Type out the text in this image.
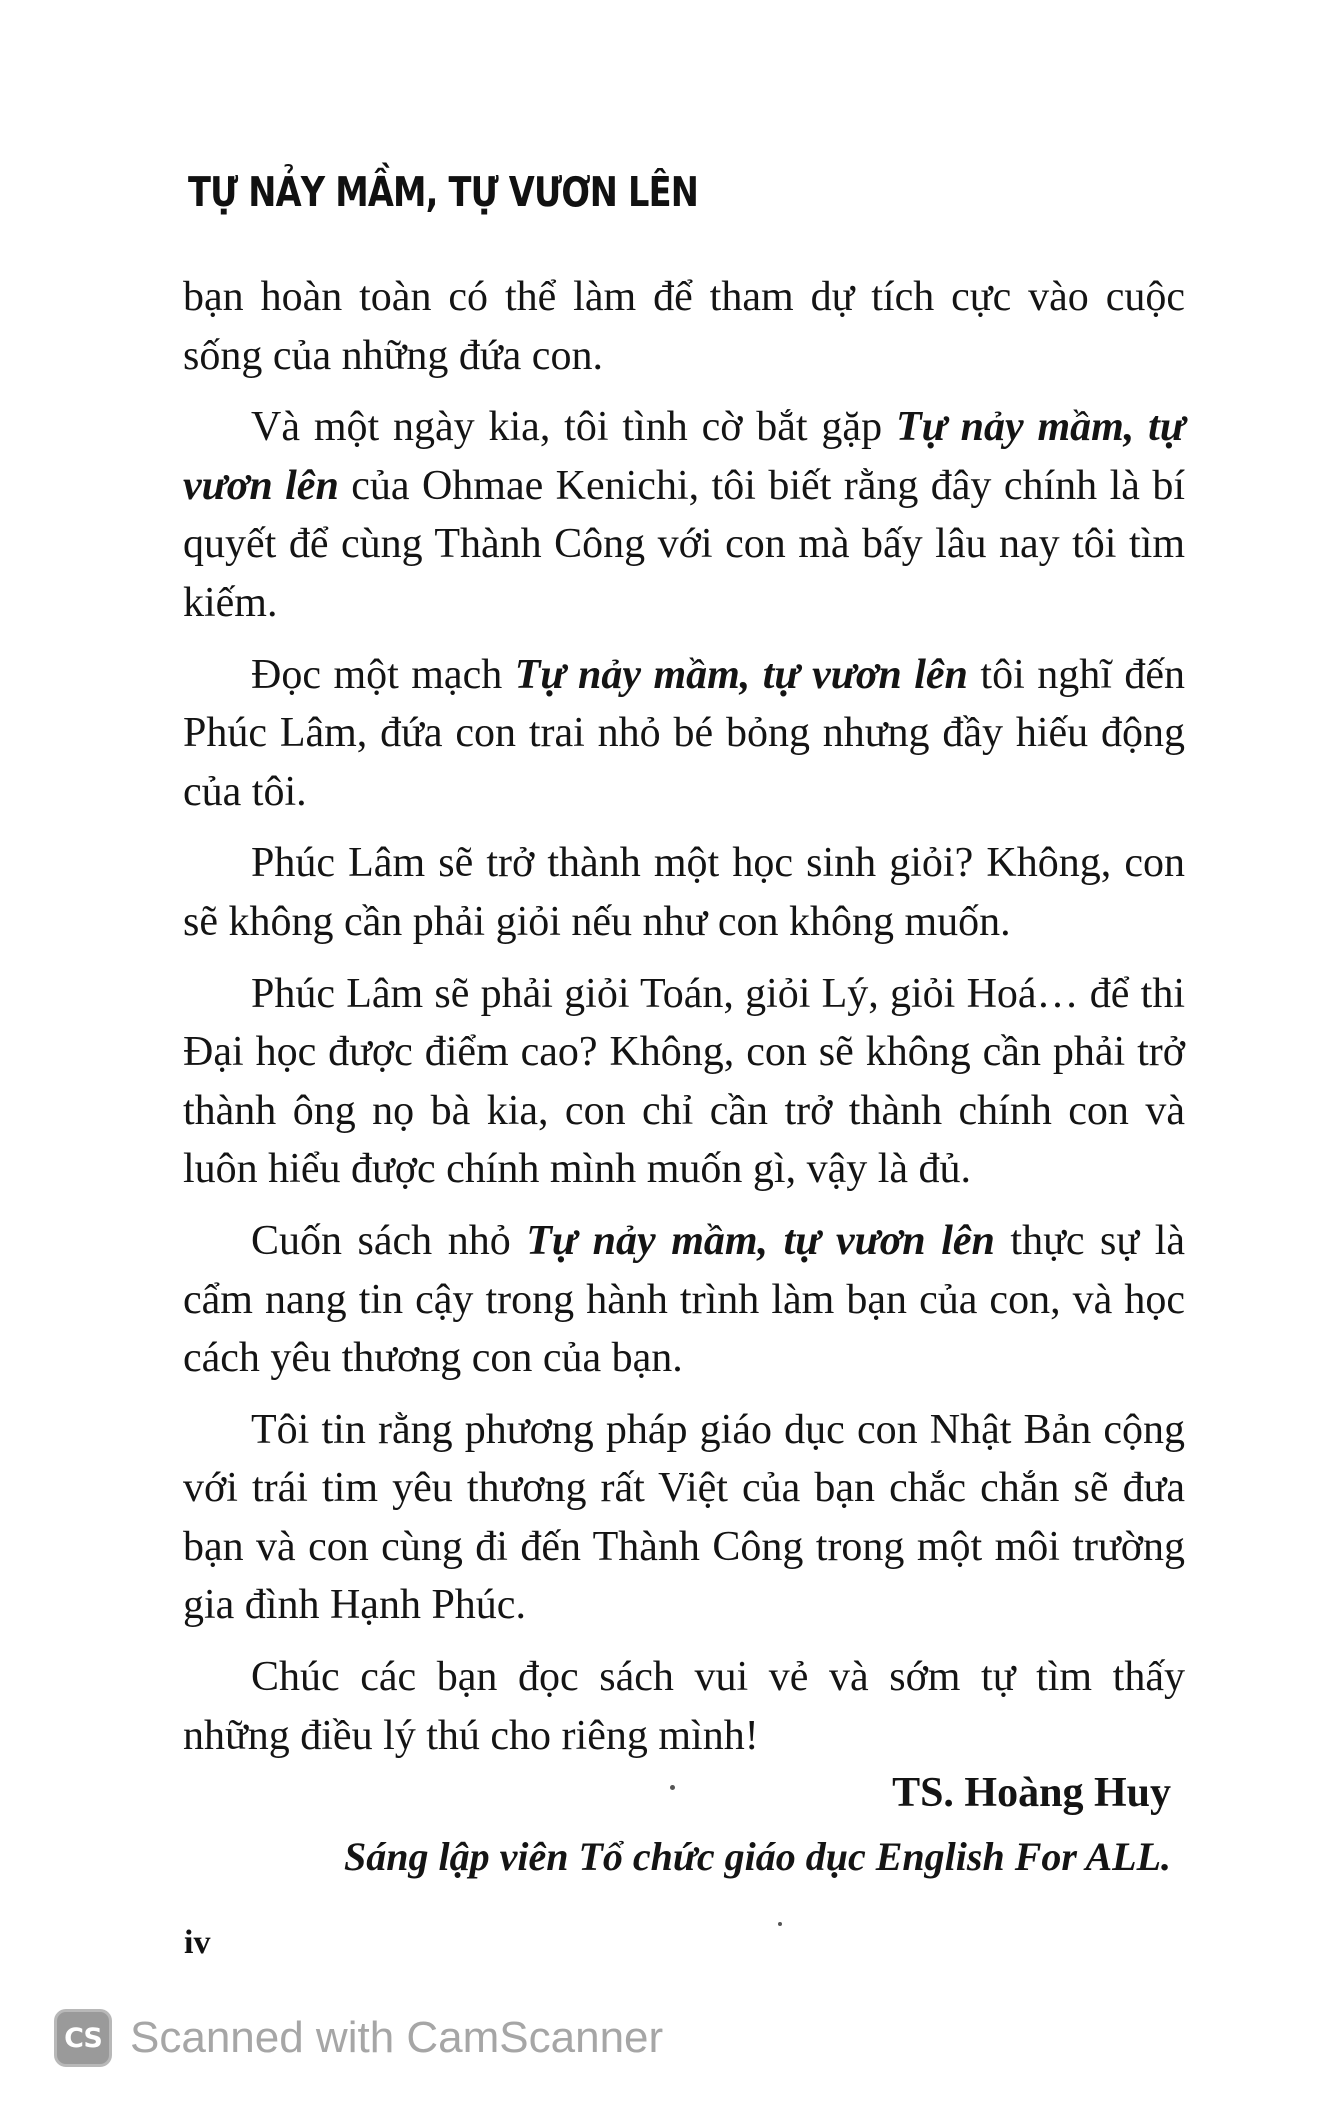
TỰ NẢY MẦM, TỰ VƯƠN LÊN

bạn hoàn toàn có thể làm để tham dự tích cực vào cuộc sống của những đứa con.

Và một ngày kia, tôi tình cờ bắt gặp Tự nảy mầm, tự vươn lên của Ohmae Kenichi, tôi biết rằng đây chính là bí quyết để cùng Thành Công với con mà bấy lâu nay tôi tìm kiếm.

Đọc một mạch Tự nảy mầm, tự vươn lên tôi nghĩ đến Phúc Lâm, đứa con trai nhỏ bé bỏng nhưng đầy hiếu động của tôi.

Phúc Lâm sẽ trở thành một học sinh giỏi? Không, con sẽ không cần phải giỏi nếu như con không muốn.

Phúc Lâm sẽ phải giỏi Toán, giỏi Lý, giỏi Hoá… để thi Đại học được điểm cao? Không, con sẽ không cần phải trở thành ông nọ bà kia, con chỉ cần trở thành chính con và luôn hiểu được chính mình muốn gì, vậy là đủ.

Cuốn sách nhỏ Tự nảy mầm, tự vươn lên thực sự là cẩm nang tin cậy trong hành trình làm bạn của con, và học cách yêu thương con của bạn.

Tôi tin rằng phương pháp giáo dục con Nhật Bản cộng với trái tim yêu thương rất Việt của bạn chắc chắn sẽ đưa bạn và con cùng đi đến Thành Công trong một môi trường gia đình Hạnh Phúc.

Chúc các bạn đọc sách vui vẻ và sớm tự tìm thấy những điều lý thú cho riêng mình!

TS. Hoàng Huy
Sáng lập viên Tổ chức giáo dục English For ALL.
iv
CS Scanned with CamScanner
